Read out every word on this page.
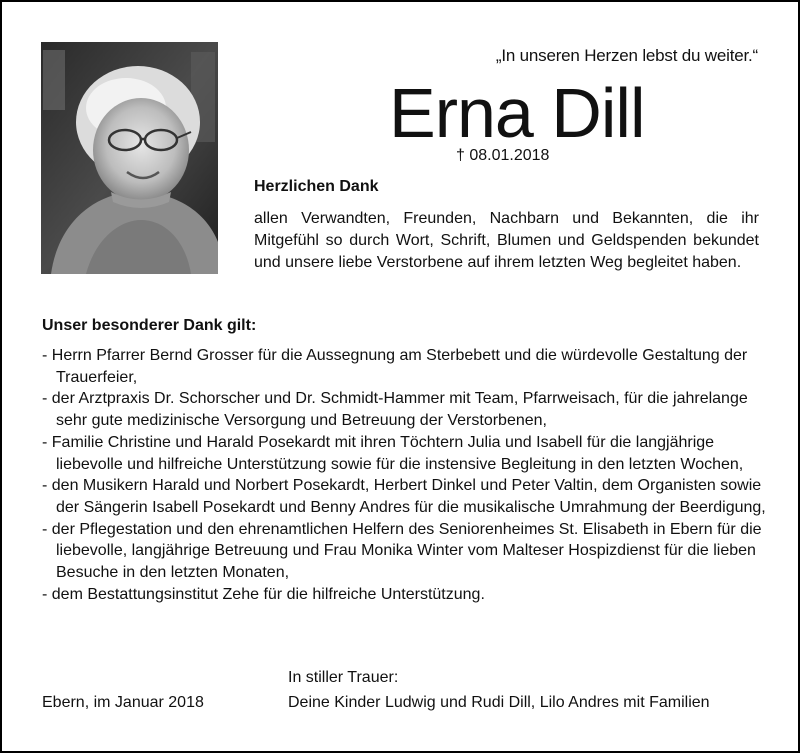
„In unseren Herzen lebst du weiter.“
Erna Dill
† 08.01.2018
Herzlichen Dank

allen Verwandten, Freunden, Nachbarn und Bekannten, die ihr Mitgefühl so durch Wort, Schrift, Blumen und Geldspenden bekundet und unsere liebe Verstorbene auf ihrem letzten Weg begleitet haben.

Unser besonderer Dank gilt:
- Herrn Pfarrer Bernd Grosser für die Aussegnung am Sterbebett und die würdevolle Gestaltung der Trauerfeier,
- der Arztpraxis Dr. Schorscher und Dr. Schmidt-Hammer mit Team, Pfarrweisach, für die jahrelange sehr gute medizinische Versorgung und Betreuung der Verstorbenen,
- Familie Christine und Harald Posekardt mit ihren Töchtern Julia und Isabell für die langjährige liebevolle und hilfreiche Unterstützung sowie für die instensive Begleitung in den letzten Wochen,
- den Musikern Harald und Norbert Posekardt, Herbert Dinkel und Peter Valtin, dem Organisten sowie der Sängerin Isabell Posekardt und Benny Andres für die musikalische Umrahmung der Beerdigung,
- der Pflegestation und den ehrenamtlichen Helfern des Seniorenheimes St. Elisabeth in Ebern für die liebevolle, langjährige Betreuung und Frau Monika Winter vom Malteser Hospizdienst für die lieben Besuche in den letzten Monaten,
- dem Bestattungsinstitut Zehe für die hilfreiche Unterstützung.
Ebern, im Januar 2018
In stiller Trauer:
Deine Kinder Ludwig und Rudi Dill, Lilo Andres mit Familien
